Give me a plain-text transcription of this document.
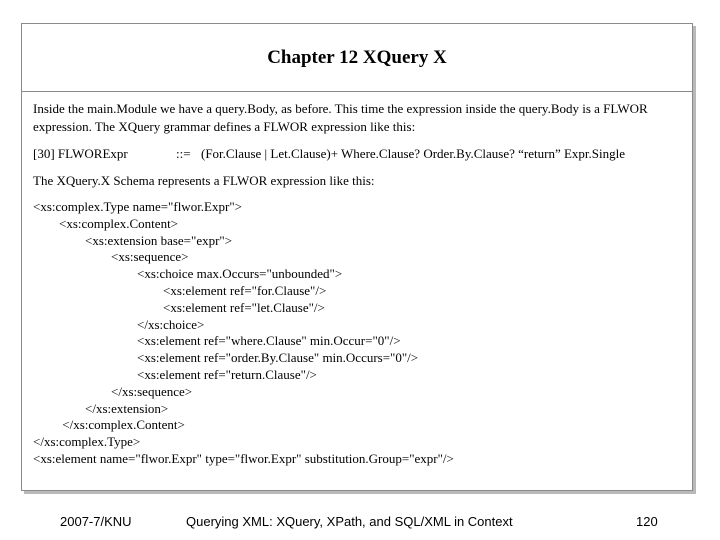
Chapter 12 XQuery X

Inside the main.Module we have a query.Body, as before. This time the expression inside the query.Body is a FLWOR expression. The XQuery grammar defines a FLWOR expression like this:

[30] FLWORExpr	::= (For.Clause | Let.Clause)+ Where.Clause? Order.By.Clause? “return” Expr.Single

The XQuery.X Schema represents a FLWOR expression like this:

<xs:complex.Type name="flwor.Expr">
<xs:complex.Content>
<xs:extension base="expr">
<xs:sequence>
<xs:choice max.Occurs="unbounded">
<xs:element ref="for.Clause"/>
<xs:element ref="let.Clause"/>
</xs:choice>
<xs:element ref="where.Clause" min.Occur="0"/>
<xs:element ref="order.By.Clause" min.Occurs="0"/>
<xs:element ref="return.Clause"/>
</xs:sequence>
</xs:extension>
</xs:complex.Content>
</xs:complex.Type>
<xs:element name="flwor.Expr" type="flwor.Expr" substitution.Group="expr"/>
2007-7/KNU	Querying XML: XQuery, XPath, and SQL/XML in Context	120
